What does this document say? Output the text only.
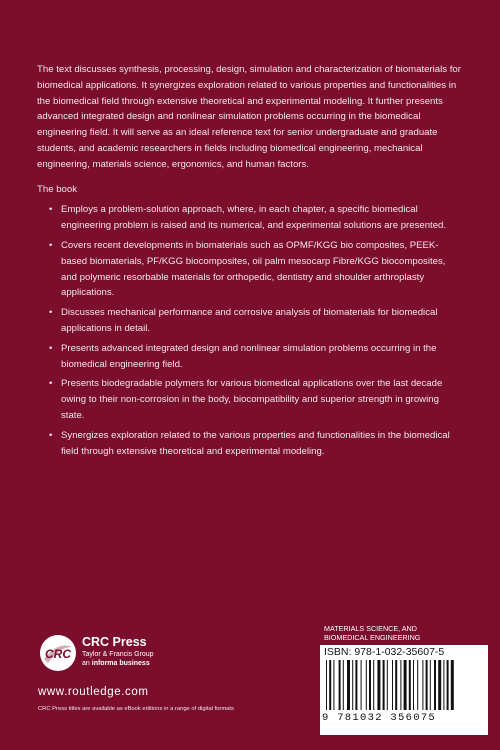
The text discusses synthesis, processing, design, simulation and characterization of biomaterials for biomedical applications. It synergizes exploration related to various properties and functionalities in the biomedical field through extensive theoretical and experimental modeling. It further presents advanced integrated design and nonlinear simulation problems occurring in the biomedical engineering field. It will serve as an ideal reference text for senior undergraduate and graduate students, and academic researchers in fields including biomedical engineering, mechanical engineering, materials science, ergonomics, and human factors.

The book

• Employs a problem-solution approach, where, in each chapter, a specific biomedical engineering problem is raised and its numerical, and experimental solutions are presented.
• Covers recent developments in biomaterials such as OPMF/KGG bio composites, PEEK-based biomaterials, PF/KGG biocomposites, oil palm mesocarp Fibre/KGG biocomposites, and polymeric resorbable materials for orthopedic, dentistry and shoulder arthroplasty applications.
• Discusses mechanical performance and corrosive analysis of biomaterials for biomedical applications in detail.
• Presents advanced integrated design and nonlinear simulation problems occurring in the biomedical engineering field.
• Presents biodegradable polymers for various biomedical applications over the last decade owing to their non-corrosion in the body, biocompatibility and superior strength in growing state.
• Synergizes exploration related to the various properties and functionalities in the biomedical field through extensive theoretical and experimental modeling.
CRC
CRC Press
Taylor & Francis Group
an informa business
www.routledge.com
CRC Press titles are available as eBook editions in a range of digital formats
MATERIALS SCIENCE, AND
BIOMEDICAL ENGINEERING
ISBN: 978-1-032-35607-5
9 781032 356075
